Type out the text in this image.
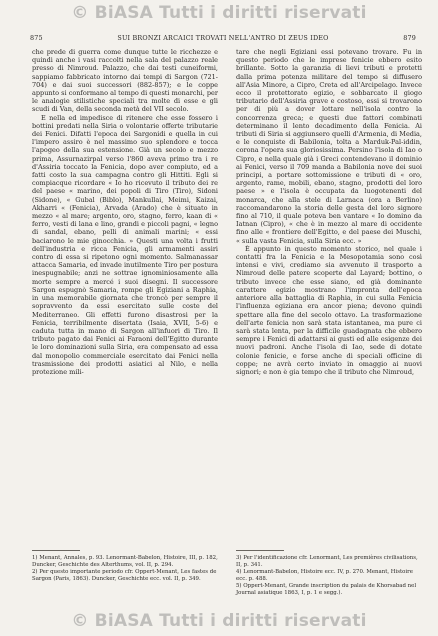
© BiASA Tutti i diritti riservati
875	SUI BRONZI ARCAICI TROVATI NELL'ANTRO DI ZEUS IDEO	879

che prede di guerra come dunque tutte le ricchezze e quindi anche i vasi raccolti nella sala del palazzo reale presso di Nimroud. Palazzo, che dai testi cuneiformi, sappiamo fabbricato intorno dai tempi di Sargon (721-704) e dai suoi successori (882-857); e le coppe appunto si conformano al tempo di questi monarchi, per le analogie stilistiche speciali tra molte di esse e gli scudi di Van, della seconda metà del VII secolo.

E nella ed impedisce di ritenere che esse fossero i bottini predati nella Siria o volontarie offerte tributarie dei Fenici. Difatti l'epoca dei Sargonidi e quella in cui l'impero assiro è nel massimo suo splendore e tocca l'apogeo della sua estensione. Già un secolo e mezzo prima, Assurnazirpal verso l'860 aveva primo tra i re d'Assiria toccato la Fenicia, dopo aver compiuto, ed a fatti costo la sua campagna contro gli Hittiti. Egli si compiacque ricordare « Io ho ricevuto il tributo dei re del paese « marino, dei popoli di Tiro (Tiro), Sidoni (Sidone), « Gubal (Biblo), Mankullai, Meimi, Kaizai, Akharri « (Fenicia), Arvada (Arado) che è situato in mezzo « al mare; argento, oro, stagno, ferro, kaan di « ferro, vesti di lana e lino, grandi e piccoli pagni, « legno di sandal, ebano, pelli di animali marini; « essi baciarono le mie ginocchia. » Questi una volta i frutti dell'industria e ricca Fenicia, gli armamenti assiri contro di essa si ripetono ogni momento. Salmanassar attacca Samaria, ed invade inutilmente Tiro per postura inespugnabile; anzi ne sottrae ignominiosamente alla morte sempre a mercé i suoi disegni. Il successore Sargon espugnò Samaria, rompe gli Egiziani a Raphia, in una memorabile giornata che troncò per sempre il sopravvento da essi esercitato sulle coste del Mediterraneo. Gli effetti furono disastrosi per la Fenicia, terribilmente disertata (Isaia, XVII, 5-6) e caduta tutta in mano di Sargon all'infuori di Tiro. Il tributo pagato dai Fenici ai Faraoni dell'Egitto durante le loro dominazioni sulla Siria, era compensato ad essa dal monopolio commerciale esercitato dai Fenici nella trasmissione dei prodotti asiatici al Nilo, e nella protezione mili-

tare che negli Egiziani essi potevano trovare. Fu in questo periodo che le imprese fenicie ebbero esito brillante. Sotto la garanzia di lievi tributi e protetti dalla prima potenza militare del tempo si diffusero all'Asia Minore, a Cipro, Creta ed all'Arcipelago. Invece ecco il protettorato egizio, e sobbarcato il giogo tributario dell'Assiria grave e costoso, essi si trovarono per di più a dover lottare nell'isola contro la concorrenza greca; e questi due fattori combinati determinano il lento decadimento della Fenicia. Ai tributi di Siria si aggiunsero quelli d'Armenia, di Media, e le conquiste di Babilonia, tolta a Marduk-Pal-iddin, corona l'opera sua gloriosissima. Persino l'isola di Iao o Cipro, e nella quale già i Greci contendevano il dominio ai Fenici, verso il 709 manda a Babilonia nove dei suoi principi, a portare sottomissione e tributi di « oro, argento, rame, mobili, ebano, stagno, prodotti del loro paese » e l'isola è occupata da luogotenenti del monarca, che alla stele di Larnaca (ora a Berlino) raccomandarono la storia delle gesta del loro signore fino al 710, il quale poteva ben vantare « Io domino da Iatnan (Cipro), « che è in mezzo al mare di occidente fino alle « frontiere dell'Egitto, e del paese dei Muschi, « sulla vasta Fenicia, sulla Siria ecc. »

È appunto in questo momento storico, nel quale i contatti fra la Fenicia e la Mesopotamia sono così intensi e vivi, crediamo sia avvenuto il trasporto a Nimroud delle patere scoperte dal Layard; bottino, o tributo invece che esse siano, ed già dominante carattere egizio mostrano l'impronta dell'epoca anteriore alla battaglia di Raphia, in cui sulla Fenicia l'influenza egiziana era ancor piena; devono quindi spettare alla fine del secolo ottavo. La trasformazione dell'arte fenicia non sarà stata istantanea, ma pure ci sarà stata lenta, per la difficile guadagnata che ebbero sempre i Fenici di adattarsi ai gusti ed alle esigenze dei nuovi padroni. Anche l'isola di Iao, sede di dotate colonie fenicie, e forse anche di speciali officine di coppe; ne avrà certo inviato in omaggio ai nuovi signori; e non è gia tempo che il tributo che Nimroud,

1) Menant, Annales, p. 93. Lenormant-Babelon, Histoire, III, p. 182, Duncker, Geschichte des Alterthums, vol. II, p. 294.
2) Per questo importante periodo cfr. Oppert-Menant, Les fastes de Sargon (Paris, 1863). Duncker, Geschichte ecc. vol. II, p. 349.
3) Per l'identificazione cfr. Lenormant, Les premières civilisations, II, p. 341.
4) Lenormant-Babelon, Histoire ecc. IV, p. 270. Menant, Histoire ecc. p. 488.
5) Oppert-Menant, Grande inscription du palais de Khorsabad nel Journal asiatique 1863, I, p. 1 e segg.).
© BiASA Tutti i diritti riservati
